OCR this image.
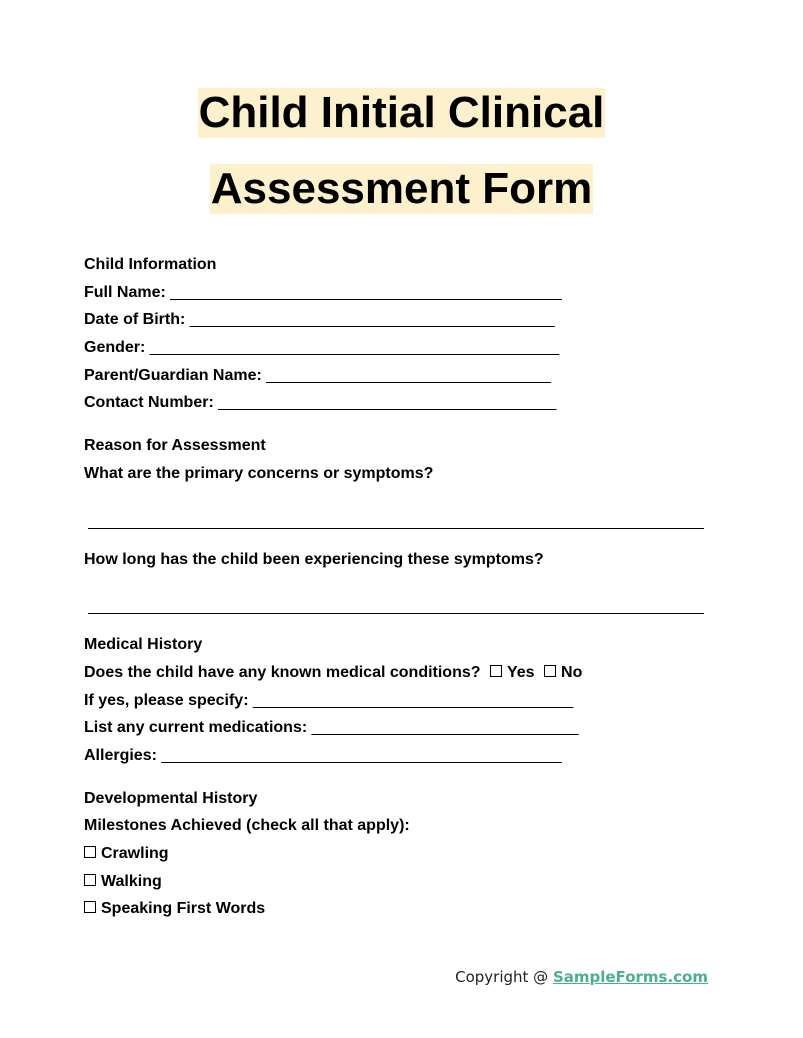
Child Initial Clinical
Assessment Form
Child Information
Full Name: ____________________________________________
Date of Birth: _________________________________________
Gender: ______________________________________________
Parent/Guardian Name: ________________________________
Contact Number: ______________________________________
Reason for Assessment
What are the primary concerns or symptoms?
How long has the child been experiencing these symptoms?
Medical History
Does the child have any known medical conditions? Yes No
If yes, please specify: ____________________________________
List any current medications: ______________________________
Allergies: _____________________________________________
Developmental History
Milestones Achieved (check all that apply):
Crawling
Walking
Speaking First Words
Copyright @ SampleForms.com
